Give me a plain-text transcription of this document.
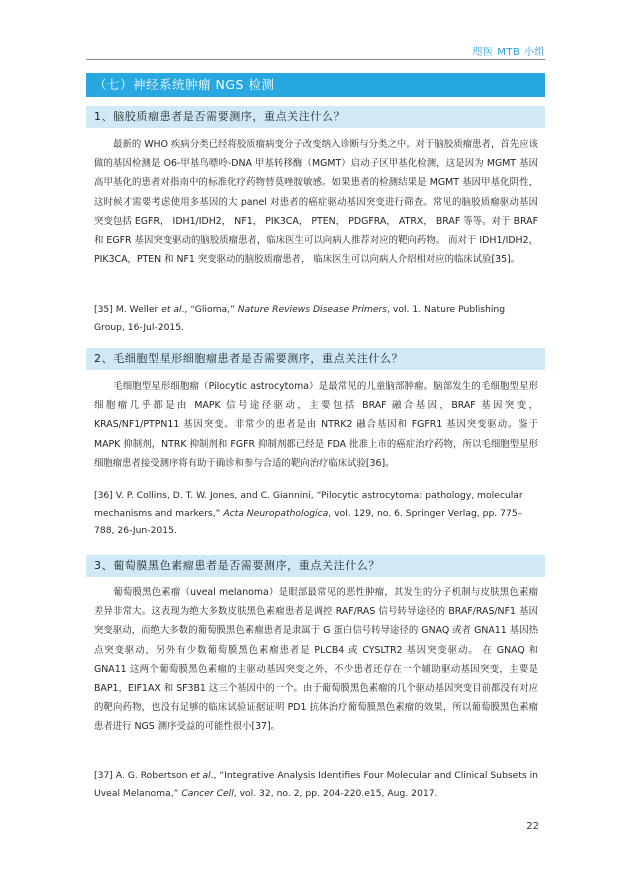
咫医 MTB 小组
（七）神经系统肿瘤 NGS 检测
1、脑胶质瘤患者是否需要测序，重点关注什么？

最新的 WHO 疾病分类已经将胶质瘤病变分子改变纳入诊断与分类之中。对于脑胶质瘤患者，首先应该做的基因检测是 O6-甲基鸟嘌呤-DNA 甲基转移酶（MGMT）启动子区甲基化检测，这是因为 MGMT 基因高甲基化的患者对指南中的标准化疗药物替莫唑胺敏感。如果患者的检测结果是 MGMT 基因甲基化阴性，这时候才需要考虑使用多基因的大 panel 对患者的癌症驱动基因突变进行筛查。常见的脑胶质瘤驱动基因突变包括 EGFR， IDH1/IDH2， NF1， PIK3CA， PTEN， PDGFRA， ATRX， BRAF 等等。对于 BRAF 和 EGFR 基因突变驱动的脑胶质瘤患者，临床医生可以向病人推荐对应的靶向药物。 而对于 IDH1/IDH2， PIK3CA，PTEN 和 NF1 突变驱动的脑胶质瘤患者， 临床医生可以向病人介绍相对应的临床试验[35]。

[35] M. Weller et al., “Glioma,” Nature Reviews Disease Primers, vol. 1. Nature Publishing Group, 16-Jul-2015.

2、毛细胞型星形细胞瘤患者是否需要测序，重点关注什么？

毛细胞型星形细胞瘤（Pilocytic astrocytoma）是最常见的儿童脑部肿瘤。脑部发生的毛细胞型星形细胞瘤几乎都是由 MAPK 信号途径驱动，主要包括 BRAF 融合基因，BRAF 基因突变，KRAS/NF1/PTPN11 基因突变。非常少的患者是由 NTRK2 融合基因和 FGFR1 基因突变驱动。鉴于 MAPK 抑制剂，NTRK 抑制剂和 FGFR 抑制剂都已经是 FDA 批准上市的癌症治疗药物，所以毛细胞型星形细胞瘤患者接受测序将有助于确诊和参与合适的靶向治疗临床试验[36]。

[36] V. P. Collins, D. T. W. Jones, and C. Giannini, “Pilocytic astrocytoma: pathology, molecular mechanisms and markers,” Acta Neuropathologica, vol. 129, no. 6. Springer Verlag, pp. 775–788, 26-Jun-2015.

3、葡萄膜黑色素瘤患者是否需要测序，重点关注什么？

葡萄膜黑色素瘤（uveal melanoma）是眼部最常见的恶性肿瘤，其发生的分子机制与皮肤黑色素瘤差异非常大。这表现为绝大多数皮肤黑色素瘤患者是调控 RAF/RAS 信号转导途径的 BRAF/RAS/NF1 基因突变驱动，而绝大多数的葡萄膜黑色素瘤患者是隶属于 G 蛋白信号转导途径的 GNAQ 或者 GNA11 基因热点突变驱动，另外有少数葡萄膜黑色素瘤患者是 PLCB4 或 CYSLTR2 基因突变驱动。 在 GNAQ 和 GNA11 这两个葡萄膜黑色素瘤的主驱动基因突变之外，不少患者还存在一个辅助驱动基因突变，主要是 BAP1，EIF1AX 和 SF3B1 这三个基因中的一个。由于葡萄膜黑色素瘤的几个驱动基因突变目前都没有对应的靶向药物，也没有足够的临床试验证据证明 PD1 抗体治疗葡萄膜黑色素瘤的效果，所以葡萄膜黑色素瘤患者进行 NGS 测序受益的可能性很小[37]。

[37] A. G. Robertson et al., “Integrative Analysis Identifies Four Molecular and Clinical Subsets in Uveal Melanoma,” Cancer Cell, vol. 32, no. 2, pp. 204-220.e15, Aug. 2017.

22
